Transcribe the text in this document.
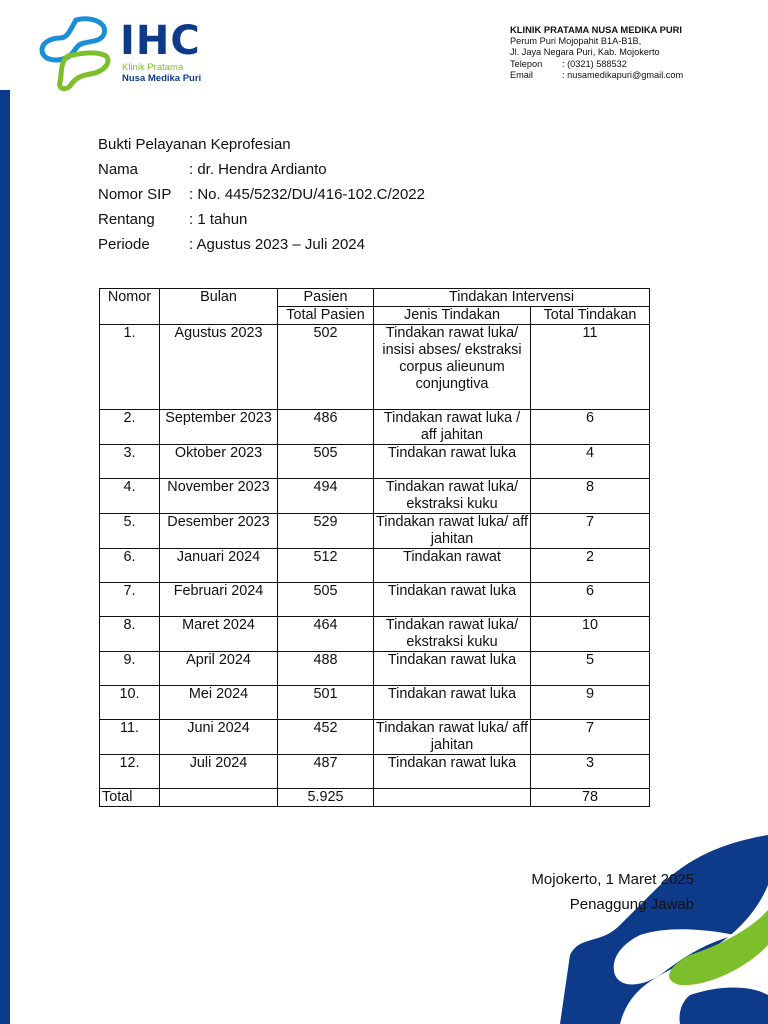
IHC
Klinik Pratama
Nusa Medika Puri
KLINIK PRATAMA NUSA MEDIKA PURI
Perum Puri Mojopahit B1A-B1B,
Jl. Jaya Negara Puri, Kab. Mojokerto
Telepon	: (0321) 588532
Email	: nusamedikapuri@gmail.com
Bukti Pelayanan Keprofesian
Nama	: dr. Hendra Ardianto
Nomor SIP	: No. 445/5232/DU/416-102.C/2022
Rentang	: 1 tahun
Periode	: Agustus 2023 – Juli 2024
Nomor	Bulan	Pasien	Tindakan Intervensi	
		Total Pasien	Jenis Tindakan	Total Tindakan
1.	Agustus 2023	502	Tindakan rawat luka/ insisi abses/ ekstraksi corpus alieunum conjungtiva	11
2.	September 2023	486	Tindakan rawat luka / aff jahitan	6
3.	Oktober 2023	505	Tindakan rawat luka	4
4.	November 2023	494	Tindakan rawat luka/ ekstraksi kuku	8
5.	Desember 2023	529	Tindakan rawat luka/ aff jahitan	7
6.	Januari 2024	512	Tindakan rawat	2
7.	Februari 2024	505	Tindakan rawat luka	6
8.	Maret 2024	464	Tindakan rawat luka/ ekstraksi kuku	10
9.	April 2024	488	Tindakan rawat luka	5
10.	Mei 2024	501	Tindakan rawat luka	9
11.	Juni 2024	452	Tindakan rawat luka/ aff jahitan	7
12.	Juli 2024	487	Tindakan rawat luka	3
Total		5.925		78
Mojokerto, 1 Maret 2025
Penaggung Jawab
